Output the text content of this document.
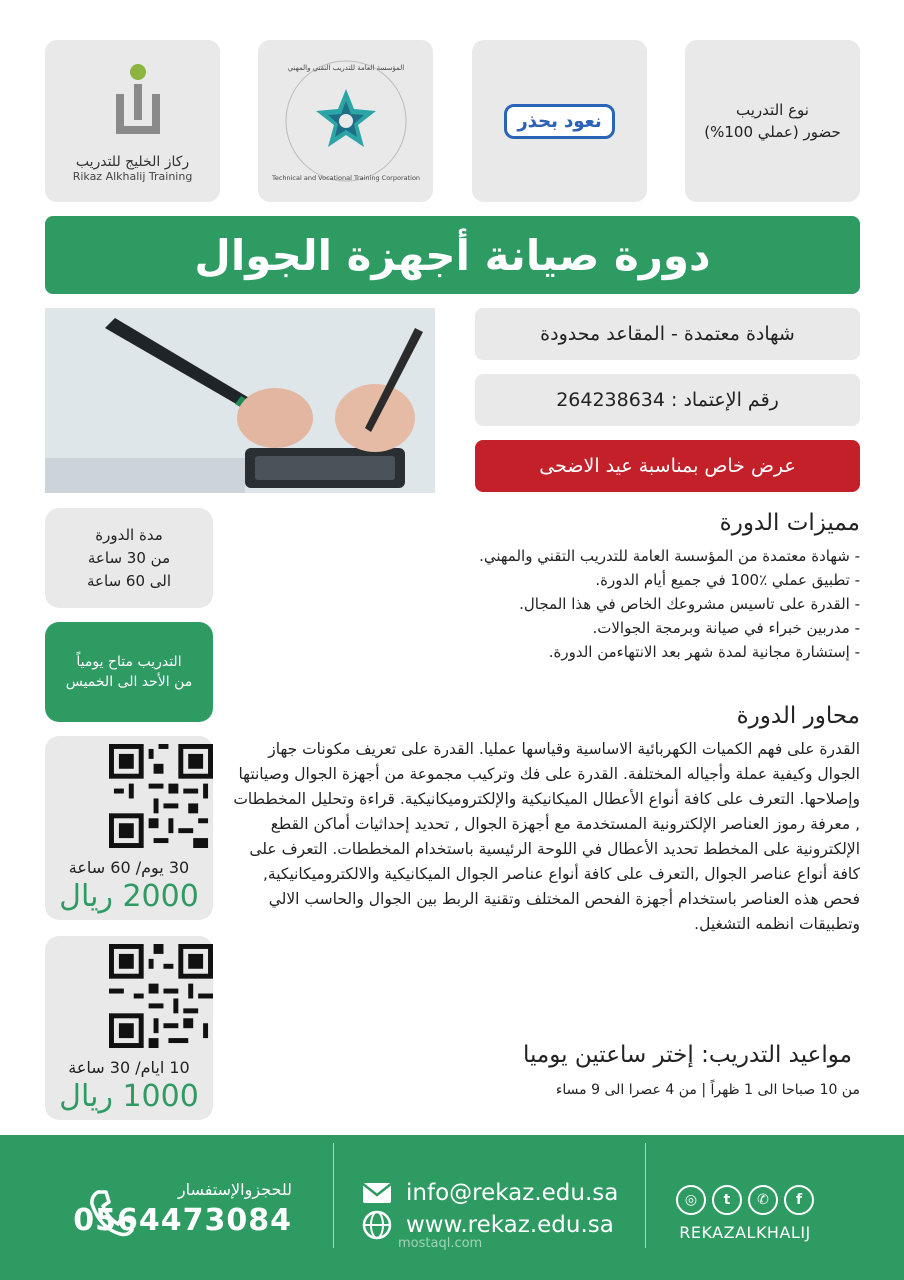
نوع التدريب
حضور (عملي 100%)
نعود بحذر
المؤسسة العامة للتدريب التقني والمهني
Technical and Vocational Training Corporation
ركاز الخليج للتدريب
Rikaz Alkhalij Training
دورة صيانة أجهزة الجوال
شهادة معتمدة - المقاعد محدودة
رقم الإعتماد : 264238634
عرض خاص بمناسبة عيد الاضحى
مدة الدورة
من 30 ساعة
الى 60 ساعة
التدريب متاح يومياً
من الأحد الى الخميس
30 يوم/ 60 ساعة
2000 ريال
10 ايام/ 30 ساعة
1000 ريال
مميزات الدورة
- شهادة معتمدة من المؤسسة العامة للتدريب التقني والمهني.
- تطبيق عملي ٪100 في جميع أيام الدورة.
- القدرة على تاسيس مشروعك الخاص في هذا المجال.
- مدربين خبراء في صيانة وبرمجة الجوالات.
- إستشارة مجانية لمدة شهر بعد الانتهاءمن الدورة.
محاور الدورة

القدرة على فهم الكميات الكهربائية الاساسية وقياسها عمليا. القدرة على تعريف مكونات جهاز الجوال وكيفية عملة وأجياله المختلفة. القدرة على فك وتركيب مجموعة من أجهزة الجوال وصيانتها وإصلاحها. التعرف على كافة أنواع الأعطال الميكانيكية والإلكتروميكانيكية. قراءة وتحليل المخططات , معرفة رموز العناصر الإلكترونية المستخدمة مع أجهزة الجوال , تحديد إحداثيات أماكن القطع الإلكترونية على المخطط تحديد الأعطال في اللوحة الرئيسية باستخدام المخططات. التعرف على كافة أنواع عناصر الجوال ,التعرف على كافة أنواع عناصر الجوال الميكانيكية والالكتروميكانيكية, فحص هذه العناصر باستخدام أجهزة الفحص المختلف وتقنية الربط بين الجوال والحاسب الالي وتطبيقات انظمه التشغيل.

مواعيد التدريب: إختر ساعتين يوميا

من 10 صباحا الى 1 ظهراً | من 4 عصرا الى 9 مساء

للحجزوالإستفسار
0564473084
info@rekaz.edu.sa
www.rekaz.edu.sa
mostaql.com
◎	t	✆	f
REKAZALKHALIJ
